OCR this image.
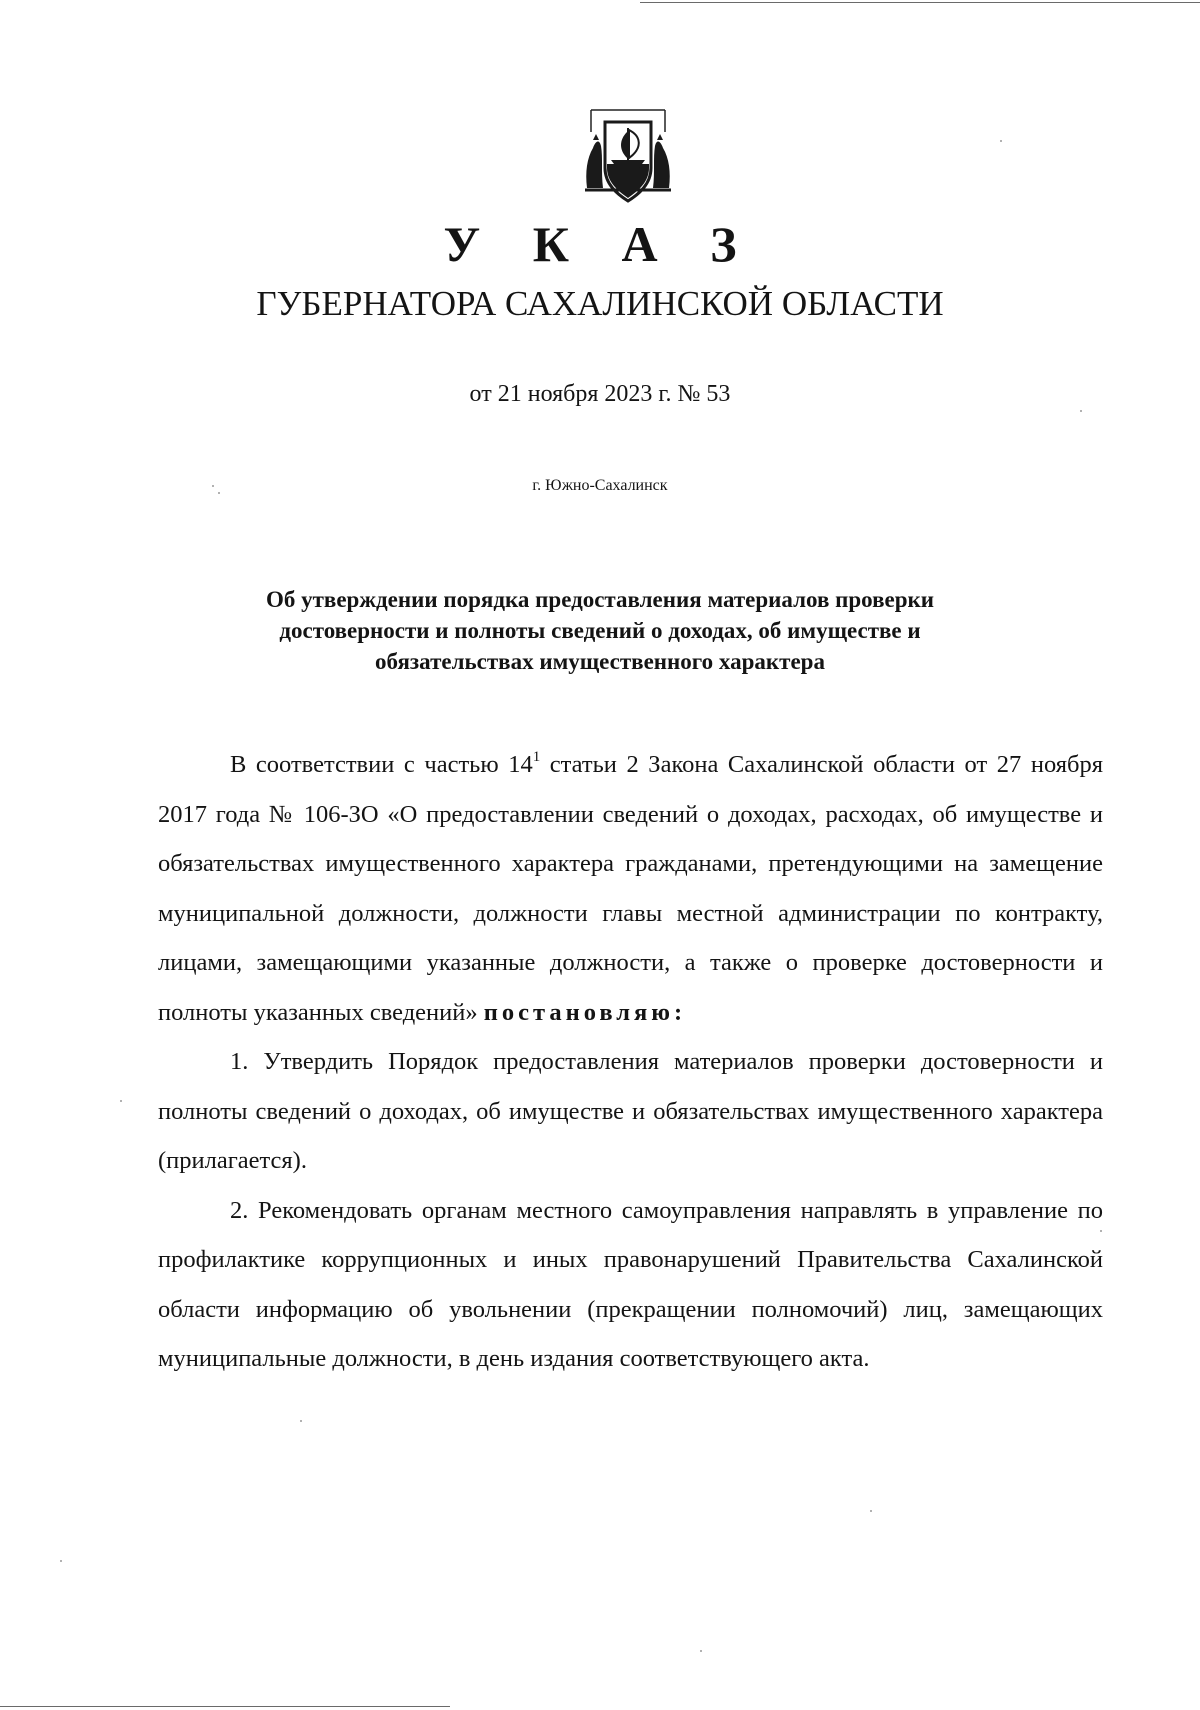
У К А З
ГУБЕРНАТОРА САХАЛИНСКОЙ ОБЛАСТИ
от 21 ноября 2023 г. № 53
г. Южно-Сахалинск
Об утверждении порядка предоставления материалов проверки
достоверности и полноты сведений о доходах, об имуществе и
обязательствах имущественного характера

В соответствии с частью $14^1$ статьи 2 Закона Сахалинской области от 27 ноября 2017 года № 106-ЗО «О предоставлении сведений о доходах, расходах, об имуществе и обязательствах имущественного характера гражданами, претендующими на замещение муниципальной должности, должности главы местной администрации по контракту, лицами, замещающими указанные должности, а также о проверке достоверности и полноты указанных сведений» постановляю:

1. Утвердить Порядок предоставления материалов проверки достоверности и полноты сведений о доходах, об имуществе и обязательствах имущественного характера (прилагается).

2. Рекомендовать органам местного самоуправления направлять в управление по профилактике коррупционных и иных правонарушений Правительства Сахалинской области информацию об увольнении (прекращении полномочий) лиц, замещающих муниципальные должности, в день издания соответствующего акта.
